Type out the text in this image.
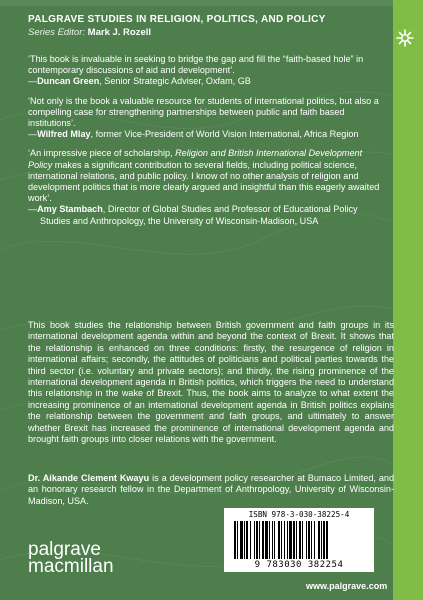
PALGRAVE STUDIES IN RELIGION, POLITICS, AND POLICY
Series Editor: Mark J. Rozell
‘This book is invaluable in seeking to bridge the gap and fill the “faith-based hole” in contemporary discussions of aid and development’.
—Duncan Green, Senior Strategic Adviser, Oxfam, GB
‘Not only is the book a valuable resource for students of international politics, but also a compelling case for strengthening partnerships between public and faith based institutions’.
—Wilfred Mlay, former Vice-President of World Vision International, Africa Region
‘An impressive piece of scholarship, Religion and British International Development Policy makes a significant contribution to several fields, including political science, international relations, and public policy. I know of no other analysis of religion and development politics that is more clearly argued and insightful than this eagerly awaited work’.
—Amy Stambach, Director of Global Studies and Professor of Educational Policy Studies and Anthropology, the University of Wisconsin-Madison, USA
This book studies the relationship between British government and faith groups in its international development agenda within and beyond the context of Brexit. It shows that the relationship is enhanced on three conditions: firstly, the resurgence of religion in international affairs; secondly, the attitudes of politicians and political parties towards the third sector (i.e. voluntary and private sectors); and thirdly, the rising prominence of the international development agenda in British politics, which triggers the need to understand this relationship in the wake of Brexit. Thus, the book aims to analyze to what extent the increasing prominence of an international development agenda in British politics explains the relationship between the government and faith groups, and ultimately to answer whether Brexit has increased the prominence of international development agenda and brought faith groups into closer relations with the government.
Dr. Aikande Clement Kwayu is a development policy researcher at Bumaco Limited, and an honorary research fellow in the Department of Anthropology, University of Wisconsin-Madison, USA.
ISBN 978-3-030-38225-4
9 783030 382254
palgrave
macmillan
www.palgrave.com
